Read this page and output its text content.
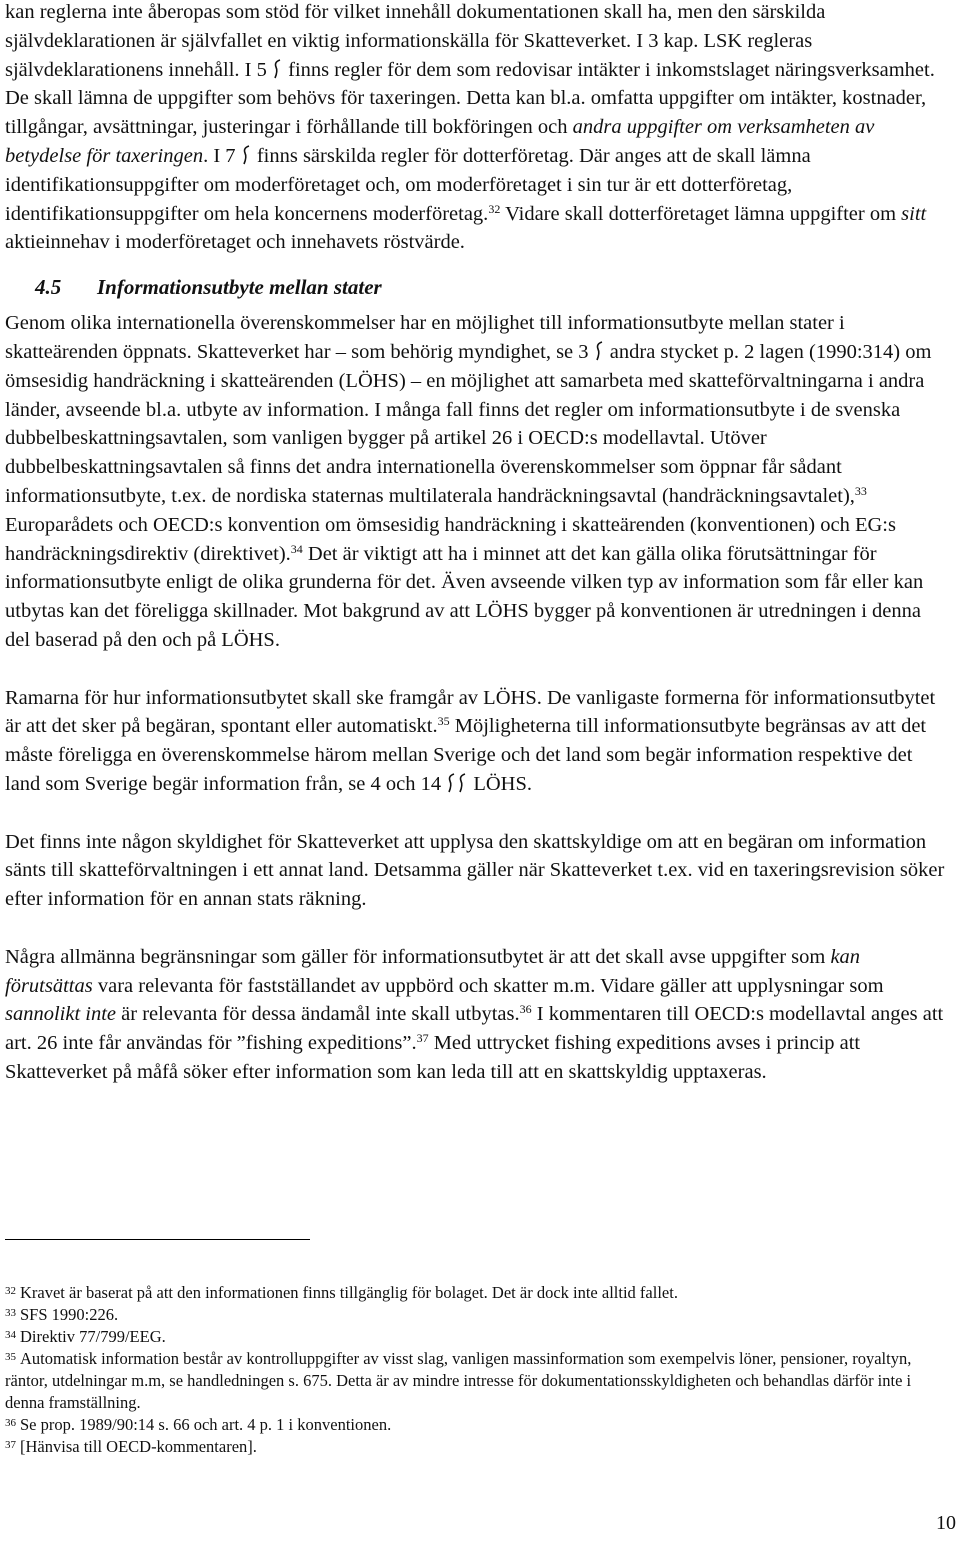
kan reglerna inte åberopas som stöd för vilket innehåll dokumentationen skall ha, men den särskilda självdeklarationen är självfallet en viktig informationskälla för Skatteverket. I 3 kap. LSK regleras självdeklarationens innehåll. I 5  finns regler för dem som redovisar intäkter i inkomstslaget näringsverksamhet. De skall lämna de uppgifter som behövs för taxeringen. Detta kan bl.a. omfatta uppgifter om intäkter, kostnader, tillgångar, avsättningar, justeringar i förhållande till bokföringen och andra uppgifter om verksamheten av betydelse för taxeringen. I 7  finns särskilda regler för dotterföretag. Där anges att de skall lämna identifikationsuppgifter om moderföretaget och, om moderföretaget i sin tur är ett dotterföretag, identifikationsuppgifter om hela koncernens moderföretag.$^{32}$ Vidare skall dotterföretaget lämna uppgifter om sitt aktieinnehav i moderföretaget och innehavets röstvärde.

4.5 Informationsutbyte mellan stater

Genom olika internationella överenskommelser har en möjlighet till informationsutbyte mellan stater i skatteärenden öppnats. Skatteverket har – som behörig myndighet, se 3  andra stycket p. 2 lagen (1990:314) om ömsesidig handräckning i skatteärenden (LÖHS) – en möjlighet att samarbeta med skatteförvaltningarna i andra länder, avseende bl.a. utbyte av information. I många fall finns det regler om informationsutbyte i de svenska dubbelbeskattningsavtalen, som vanligen bygger på artikel 26 i OECD:s modellavtal. Utöver dubbelbeskattningsavtalen så finns det andra internationella överenskommelser som öppnar får sådant informationsutbyte, t.ex. de nordiska staternas multilaterala handräckningsavtal (handräckningsavtalet),$^{33}$ Europarådets och OECD:s konvention om ömsesidig handräckning i skatteärenden (konventionen) och EG:s handräckningsdirektiv (direktivet).$^{34}$ Det är viktigt att ha i minnet att det kan gälla olika förutsättningar för informationsutbyte enligt de olika grunderna för det. Även avseende vilken typ av information som får eller kan utbytas kan det föreligga skillnader. Mot bakgrund av att LÖHS bygger på konventionen är utredningen i denna del baserad på den och på LÖHS.

Ramarna för hur informationsutbytet skall ske framgår av LÖHS. De vanligaste formerna för informationsutbytet är att det sker på begäran, spontant eller automatiskt.$^{35}$ Möjligheterna till informationsutbyte begränsas av att det måste föreligga en överenskommelse härom mellan Sverige och det land som begär information respektive det land som Sverige begär information från, se 4 och 14  LÖHS.

Det finns inte någon skyldighet för Skatteverket att upplysa den skattskyldige om att en begäran om information sänts till skatteförvaltningen i ett annat land. Detsamma gäller när Skatteverket t.ex. vid en taxeringsrevision söker efter information för en annan stats räkning.

Några allmänna begränsningar som gäller för informationsutbytet är att det skall avse uppgifter som kan förutsättas vara relevanta för fastställandet av uppbörd och skatter m.m. Vidare gäller att upplysningar som sannolikt inte är relevanta för dessa ändamål inte skall utbytas.$^{36}$ I kommentaren till OECD:s modellavtal anges att art. 26 inte får användas för ”fishing expeditions”.$^{37}$ Med uttrycket fishing expeditions avses i princip att Skatteverket på måfå söker efter information som kan leda till att en skattskyldig upptaxeras.

$^{32}$ Kravet är baserat på att den informationen finns tillgänglig för bolaget. Det är dock inte alltid fallet.

$^{33}$ SFS 1990:226.

$^{34}$ Direktiv 77/799/EEG.

$^{35}$ Automatisk information består av kontrolluppgifter av visst slag, vanligen massinformation som exempelvis löner, pensioner, royaltyn, räntor, utdelningar m.m, se handledningen s. 675. Detta är av mindre intresse för dokumentationsskyldigheten och behandlas därför inte i denna framställning.

$^{36}$ Se prop. 1989/90:14 s. 66 och art. 4 p. 1 i konventionen.

$^{37}$ [Hänvisa till OECD-kommentaren].

10
